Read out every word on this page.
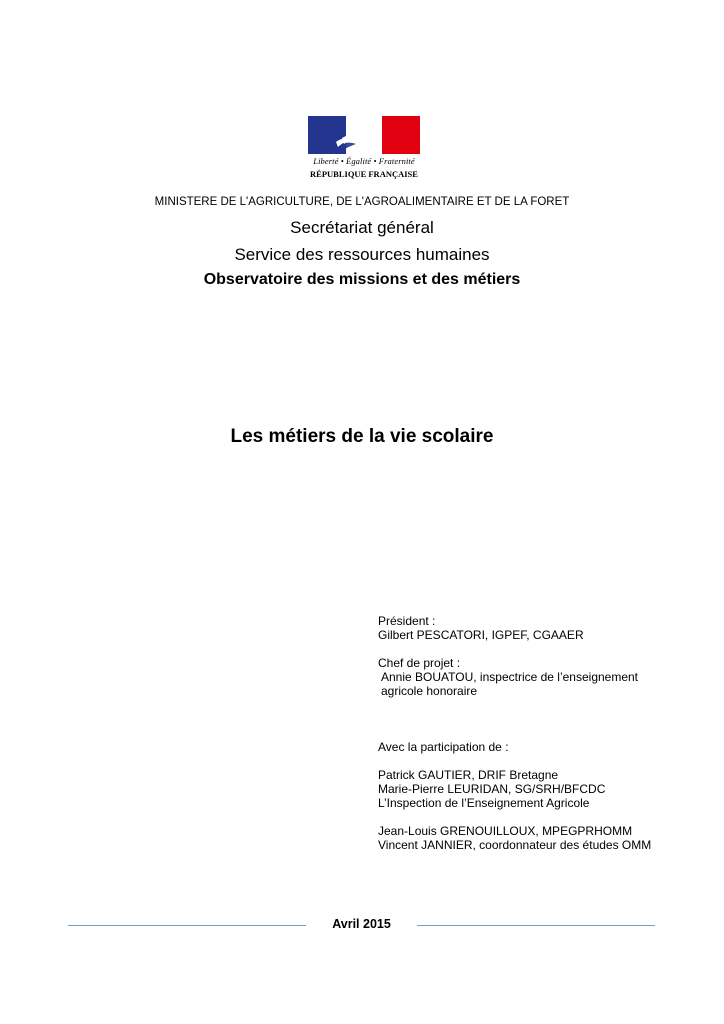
Liberté • Égalité • Fraternité
RÉPUBLIQUE FRANÇAISE
MINISTERE DE L'AGRICULTURE, DE L'AGROALIMENTAIRE ET DE LA FORET
Secrétariat général
Service des ressources humaines
Observatoire des missions et des métiers
Les métiers de la vie scolaire
Président :
Gilbert PESCATORI, IGPEF, CGAAER
Chef de projet :
Annie BOUATOU, inspectrice de l’enseignement
agricole honoraire
Avec la participation de :
Patrick GAUTIER, DRIF Bretagne
Marie-Pierre LEURIDAN, SG/SRH/BFCDC
L’Inspection de l’Enseignement Agricole
Jean-Louis GRENOUILLOUX, MPEGPRHOMM
Vincent JANNIER, coordonnateur des études OMM
Avril 2015
